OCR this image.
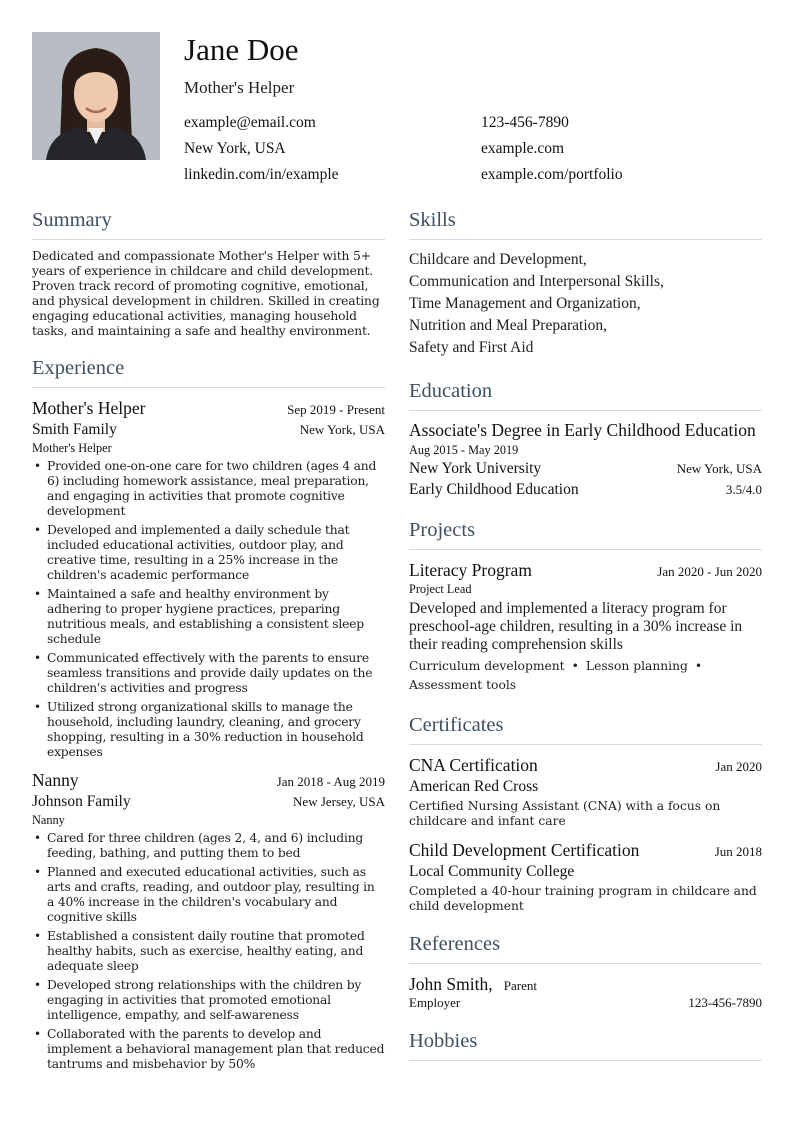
Jane Doe
Mother's Helper
example@email.com	123-456-7890
New York, USA	example.com
linkedin.com/in/example	example.com/portfolio
Summary

Dedicated and compassionate Mother's Helper with 5+ years of experience in childcare and child development. Proven track record of promoting cognitive, emotional, and physical development in children. Skilled in creating engaging educational activities, managing household tasks, and maintaining a safe and healthy environment.

Experience
Mother's Helper	Sep 2019 - Present
Smith Family	New York, USA
Mother's Helper
• Provided one-on-one care for two children (ages 4 and 6) including homework assistance, meal preparation, and engaging in activities that promote cognitive development
• Developed and implemented a daily schedule that included educational activities, outdoor play, and creative time, resulting in a 25% increase in the children's academic performance
• Maintained a safe and healthy environment by adhering to proper hygiene practices, preparing nutritious meals, and establishing a consistent sleep schedule
• Communicated effectively with the parents to ensure seamless transitions and provide daily updates on the children's activities and progress
• Utilized strong organizational skills to manage the household, including laundry, cleaning, and grocery shopping, resulting in a 30% reduction in household expenses
Nanny	Jan 2018 - Aug 2019
Johnson Family	New Jersey, USA
Nanny
• Cared for three children (ages 2, 4, and 6) including feeding, bathing, and putting them to bed
• Planned and executed educational activities, such as arts and crafts, reading, and outdoor play, resulting in a 40% increase in the children's vocabulary and cognitive skills
• Established a consistent daily routine that promoted healthy habits, such as exercise, healthy eating, and adequate sleep
• Developed strong relationships with the children by engaging in activities that promoted emotional intelligence, empathy, and self-awareness
• Collaborated with the parents to develop and implement a behavioral management plan that reduced tantrums and misbehavior by 50%
Skills
Childcare and Development,
Communication and Interpersonal Skills,
Time Management and Organization,
Nutrition and Meal Preparation,
Safety and First Aid
Education
Associate's Degree in Early Childhood Education
Aug 2015 - May 2019
New York University	New York, USA
Early Childhood Education	3.5/4.0
Projects
Literacy Program	Jan 2020 - Jun 2020
Project Lead
Developed and implemented a literacy program for preschool-age children, resulting in a 30% increase in their reading comprehension skills
Curriculum development • Lesson planning •
Assessment tools
Certificates
CNA Certification	Jan 2020
American Red Cross
Certified Nursing Assistant (CNA) with a focus on childcare and infant care
Child Development Certification	Jun 2018
Local Community College
Completed a 40-hour training program in childcare and child development
References
John Smith, Parent
Employer	123-456-7890
Hobbies
